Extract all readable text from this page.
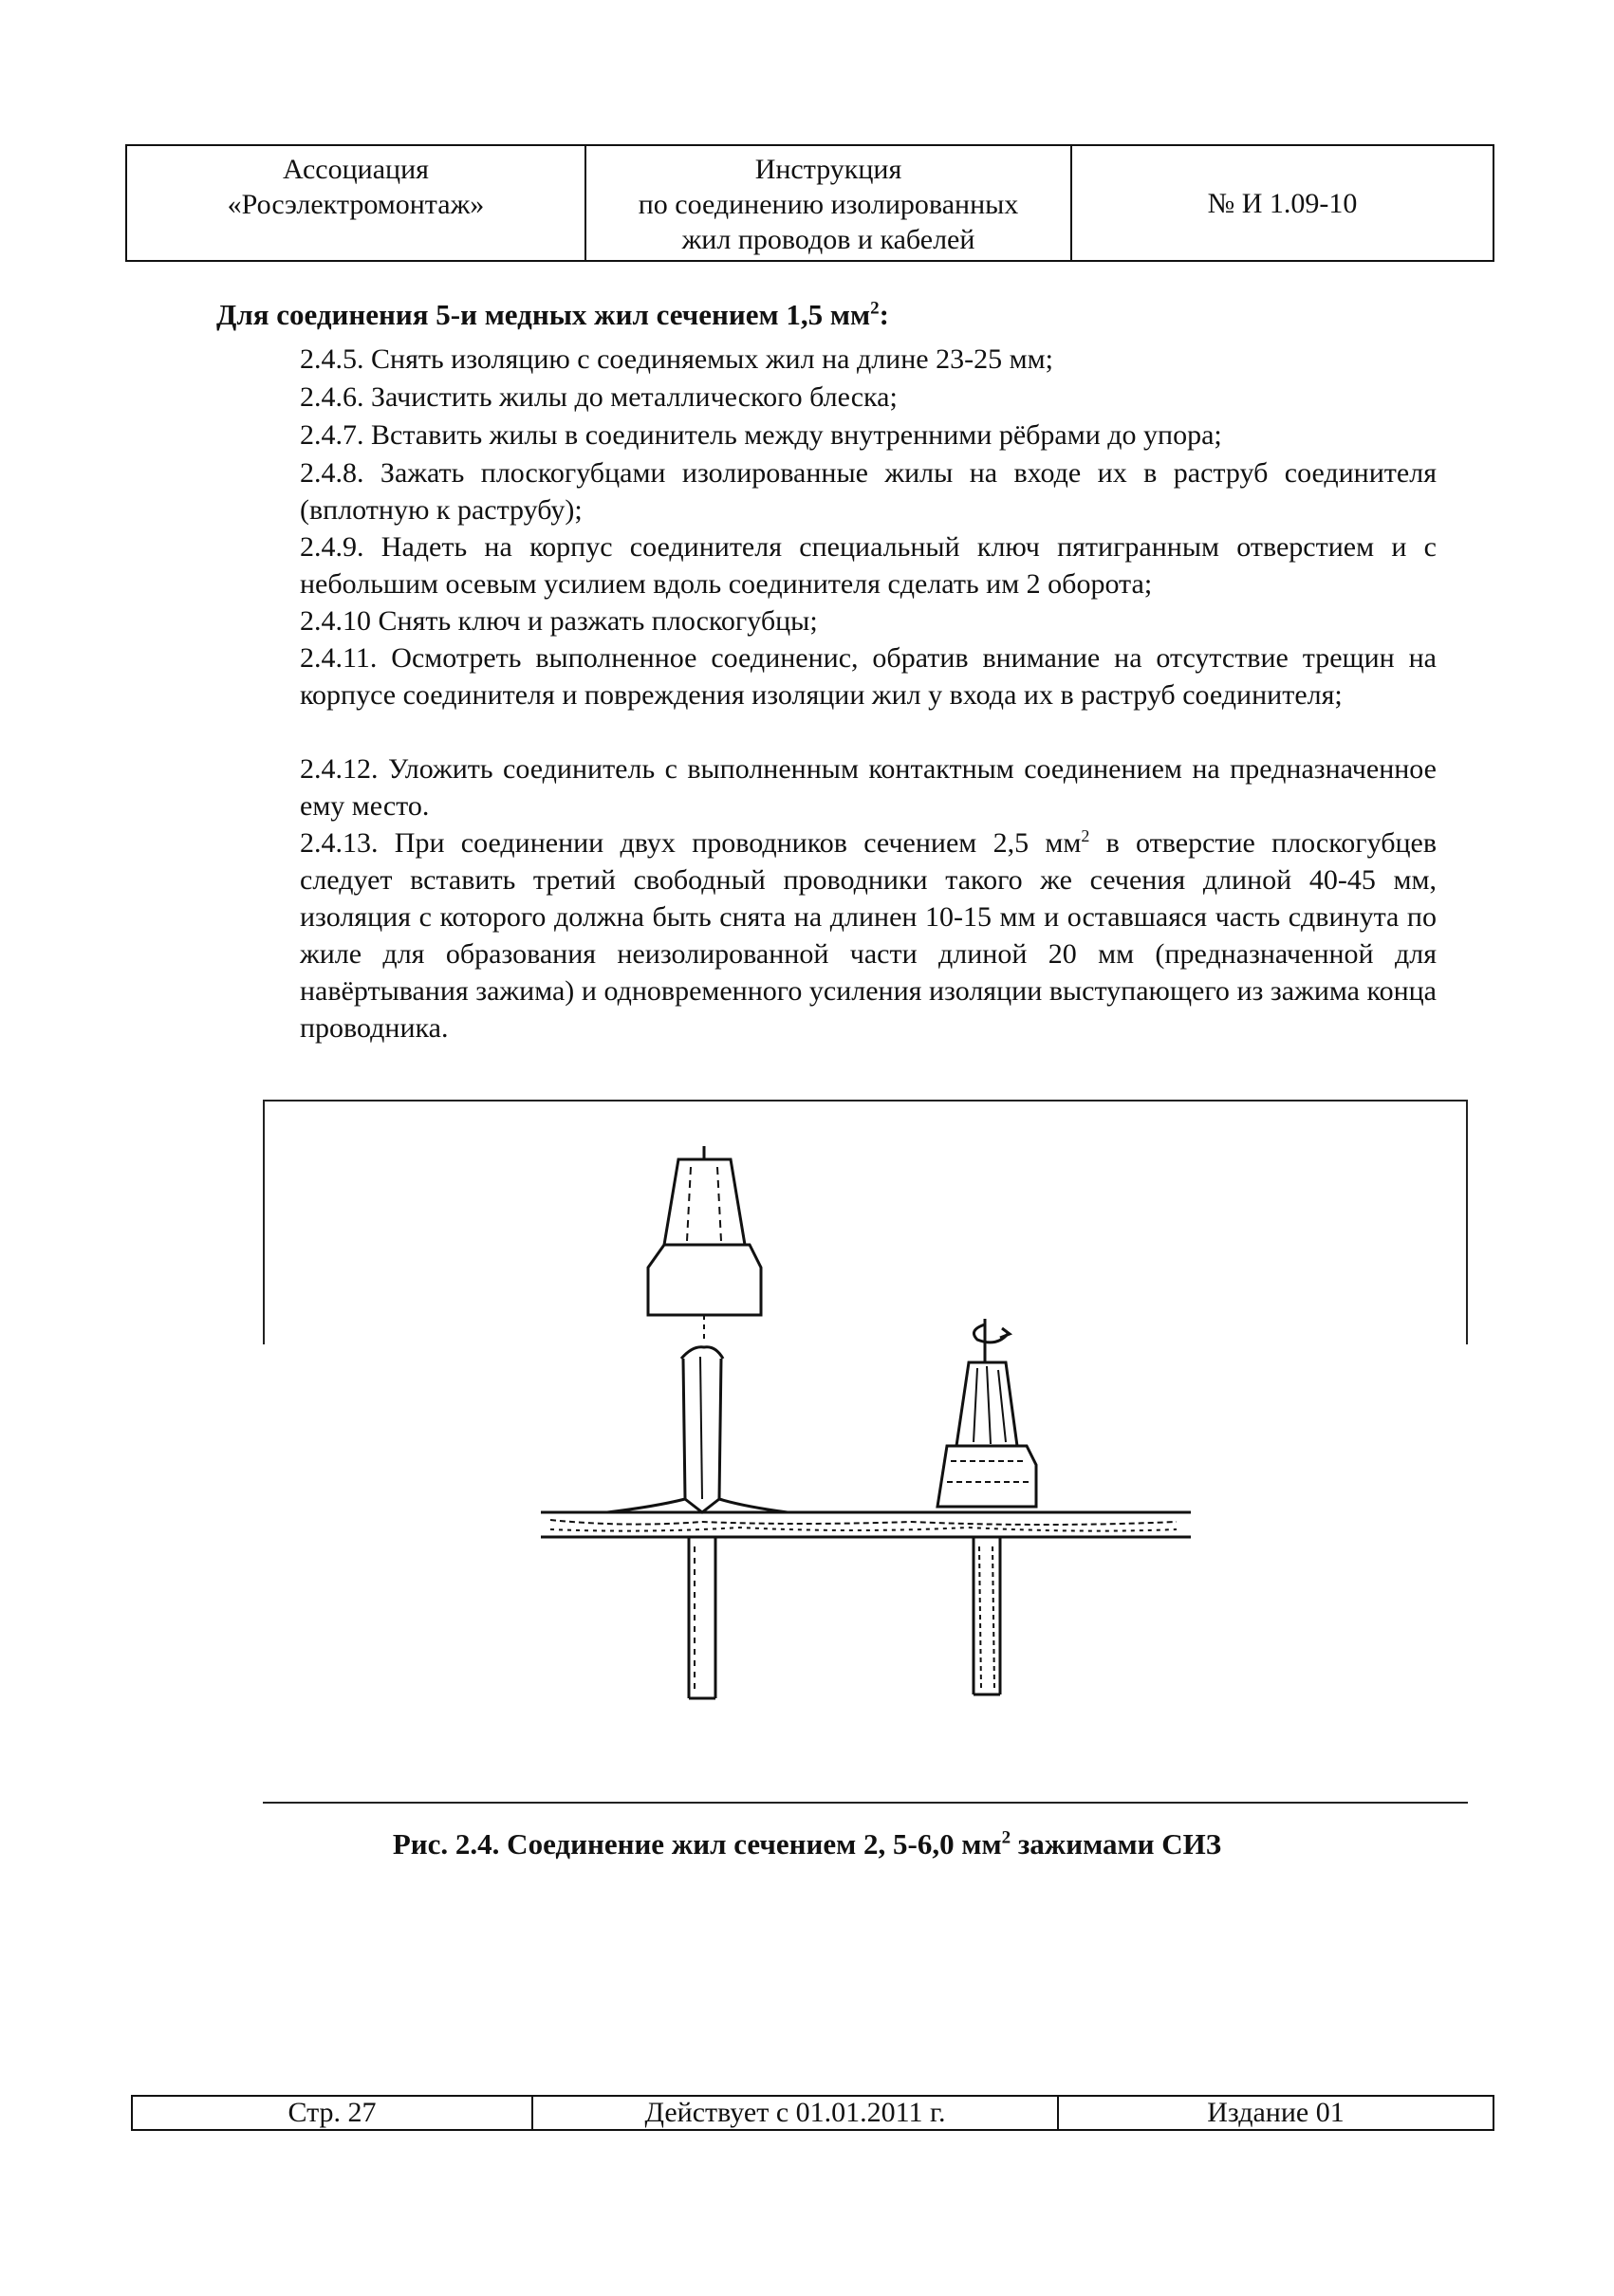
Ассоциация
«Росэлектромонтаж»
Инструкция
по соединению изолированных
жил проводов и кабелей
№ И 1.09-10
Для соединения 5-и медных жил сечением 1,5 $мм^2$:
2.4.5. Снять изоляцию с соединяемых жил на длине 23-25 мм;
2.4.6. Зачистить жилы до металлического блеска;
2.4.7. Вставить жилы в соединитель между внутренними рёбрами до упора;
2.4.8. Зажать плоскогубцами изолированные жилы на входе их в раструб соединителя (вплотную к раструбу);
2.4.9. Надеть на корпус соединителя специальный ключ пятигранным отверстием и с небольшим осевым усилием вдоль соединителя сделать им 2 оборота;
2.4.10 Снять ключ и разжать плоскогубцы;
2.4.11. Осмотреть выполненное соединенис, обратив внимание на отсутствие трещин на корпусе соединителя и повреждения изоляции жил у входа их в раструб соединителя;
2.4.12. Уложить соединитель с выполненным контактным соединением на предназначенное ему место.
2.4.13. При соединении двух проводников сечением 2,5 $мм^2$ в отверстие плоскогубцев следует вставить третий свободный проводники такого же сечения длиной 40-45 мм, изоляция с которого должна быть снята на длинен 10-15 мм и оставшаяся часть сдвинута по жиле для образования неизолированной части длиной 20 мм (предназначенной для навёртывания зажима) и одновременного усиления изоляции выступающего из зажима конца проводника.
Рис. 2.4. Соединение жил сечением 2, 5-6,0 $мм^2$ зажимами СИЗ
Стр. 27	Действует с 01.01.2011 г.	Издание 01
